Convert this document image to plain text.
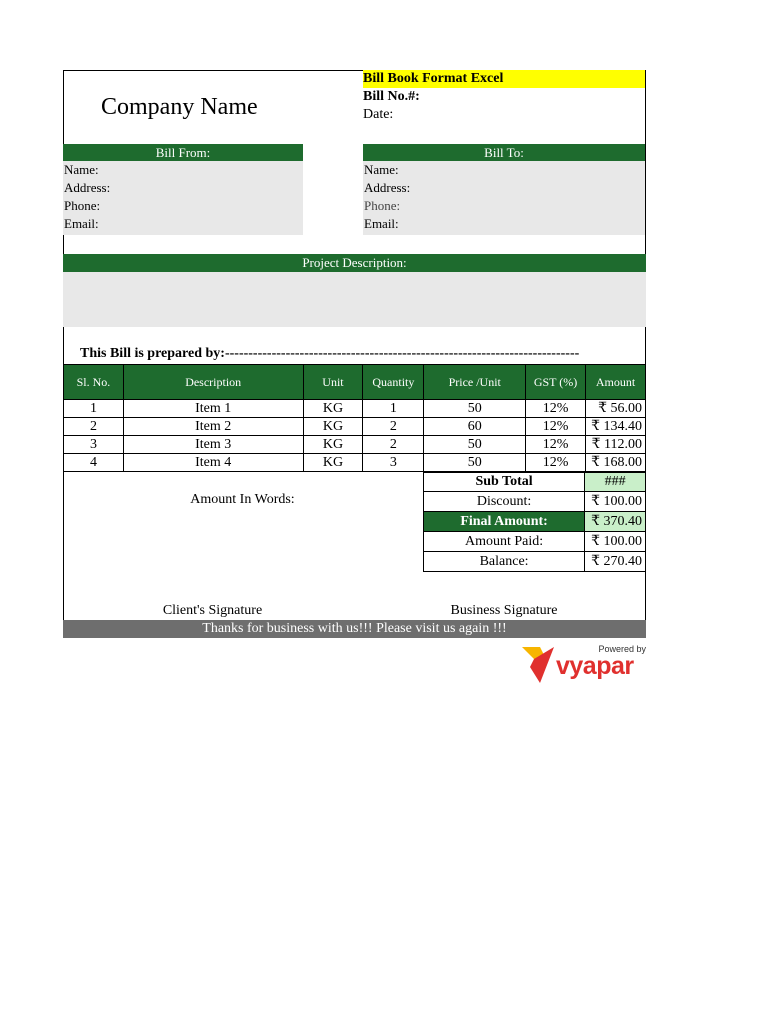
Bill Book Format Excel
Company Name	Bill No.#:
Date:
Bill From:
Name:
Address:
Phone:
Email:
Bill To:
Name:
Address:
Phone:
Email:
Project Description:
This Bill is prepared by:----------------------------------------------------------------------------
Sl. No.	Description	Unit	Quantity	Price /Unit	GST (%)	Amount
1	Item 1	KG	1	50	12%	₹ 56.00
2	Item 2	KG	2	60	12%	₹ 134.40
3	Item 3	KG	2	50	12%	₹ 112.00
4	Item 4	KG	3	50	12%	₹ 168.00
Amount In Words:
Sub Total	###
Discount:	₹ 100.00
Final Amount:	₹ 370.40
Amount Paid:	₹ 100.00
Balance:	₹ 270.40
Client's Signature	Business Signature
Thanks for business with us!!! Please visit us again !!!
Powered by
vyapar
